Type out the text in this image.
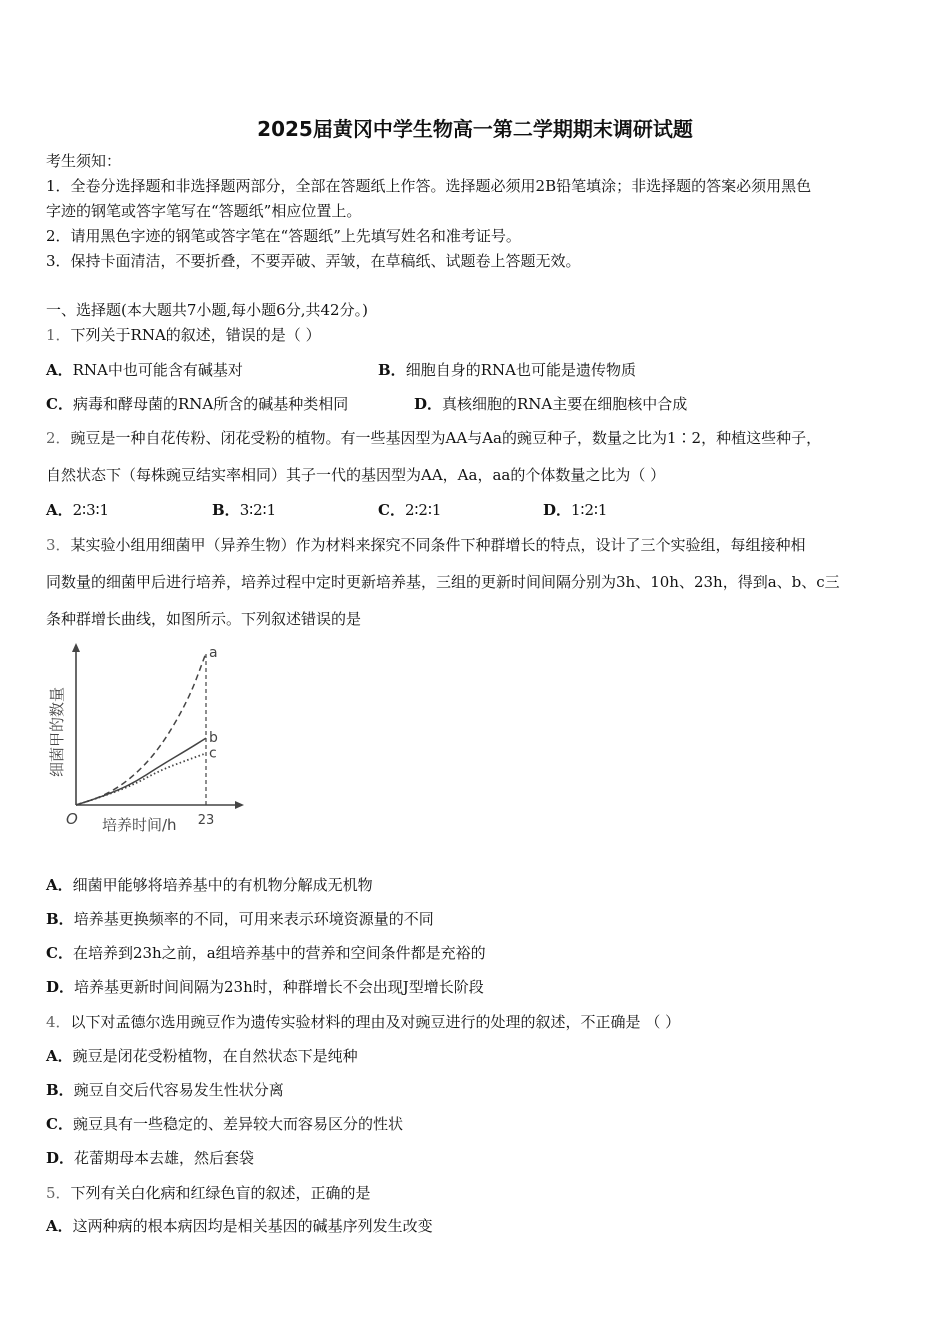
2025届黄冈中学生物高一第二学期期末调研试题
考生须知：
1．全卷分选择题和非选择题两部分，全部在答题纸上作答。选择题必须用2B铅笔填涂；非选择题的答案必须用黑色
字迹的钢笔或答字笔写在“答题纸”相应位置上。
2．请用黑色字迹的钢笔或答字笔在“答题纸”上先填写姓名和准考证号。
3．保持卡面清洁，不要折叠，不要弄破、弄皱，在草稿纸、试题卷上答题无效。
一、选择题(本大题共7小题,每小题6分,共42分。)
1．下列关于RNA的叙述，错误的是（ ）
A．RNA中也可能含有碱基对	B．细胞自身的RNA也可能是遗传物质
C．病毒和酵母菌的RNA所含的碱基种类相同	D．真核细胞的RNA主要在细胞核中合成
2．豌豆是一种自花传粉、闭花受粉的植物。有一些基因型为AA与Aa的豌豆种子，数量之比为1∶2，种植这些种子，
自然状态下（每株豌豆结实率相同）其子一代的基因型为AA，Aa，aa的个体数量之比为（ ）
A．2∶3∶1	B．3∶2∶1	C．2∶2∶1	D．1∶2∶1
3．某实验小组用细菌甲（异养生物）作为材料来探究不同条件下种群增长的特点，设计了三个实验组，每组接种相
同数量的细菌甲后进行培养，培养过程中定时更新培养基，三组的更新时间间隔分别为3h、10h、23h，得到a、b、c三
条种群增长曲线，如图所示。下列叙述错误的是
O	23
培养时间/h
细菌甲的数量
a
b
c
A．细菌甲能够将培养基中的有机物分解成无机物
B．培养基更换频率的不同，可用来表示环境资源量的不同
C．在培养到23h之前，a组培养基中的营养和空间条件都是充裕的
D．培养基更新时间间隔为23h时，种群增长不会出现J型增长阶段
4．以下对孟德尔选用豌豆作为遗传实验材料的理由及对豌豆进行的处理的叙述，不正确是 （ ）
A．豌豆是闭花受粉植物，在自然状态下是纯种
B．豌豆自交后代容易发生性状分离
C．豌豆具有一些稳定的、差异较大而容易区分的性状
D．花蕾期母本去雄，然后套袋
5．下列有关白化病和红绿色盲的叙述，正确的是
A．这两种病的根本病因均是相关基因的碱基序列发生改变
